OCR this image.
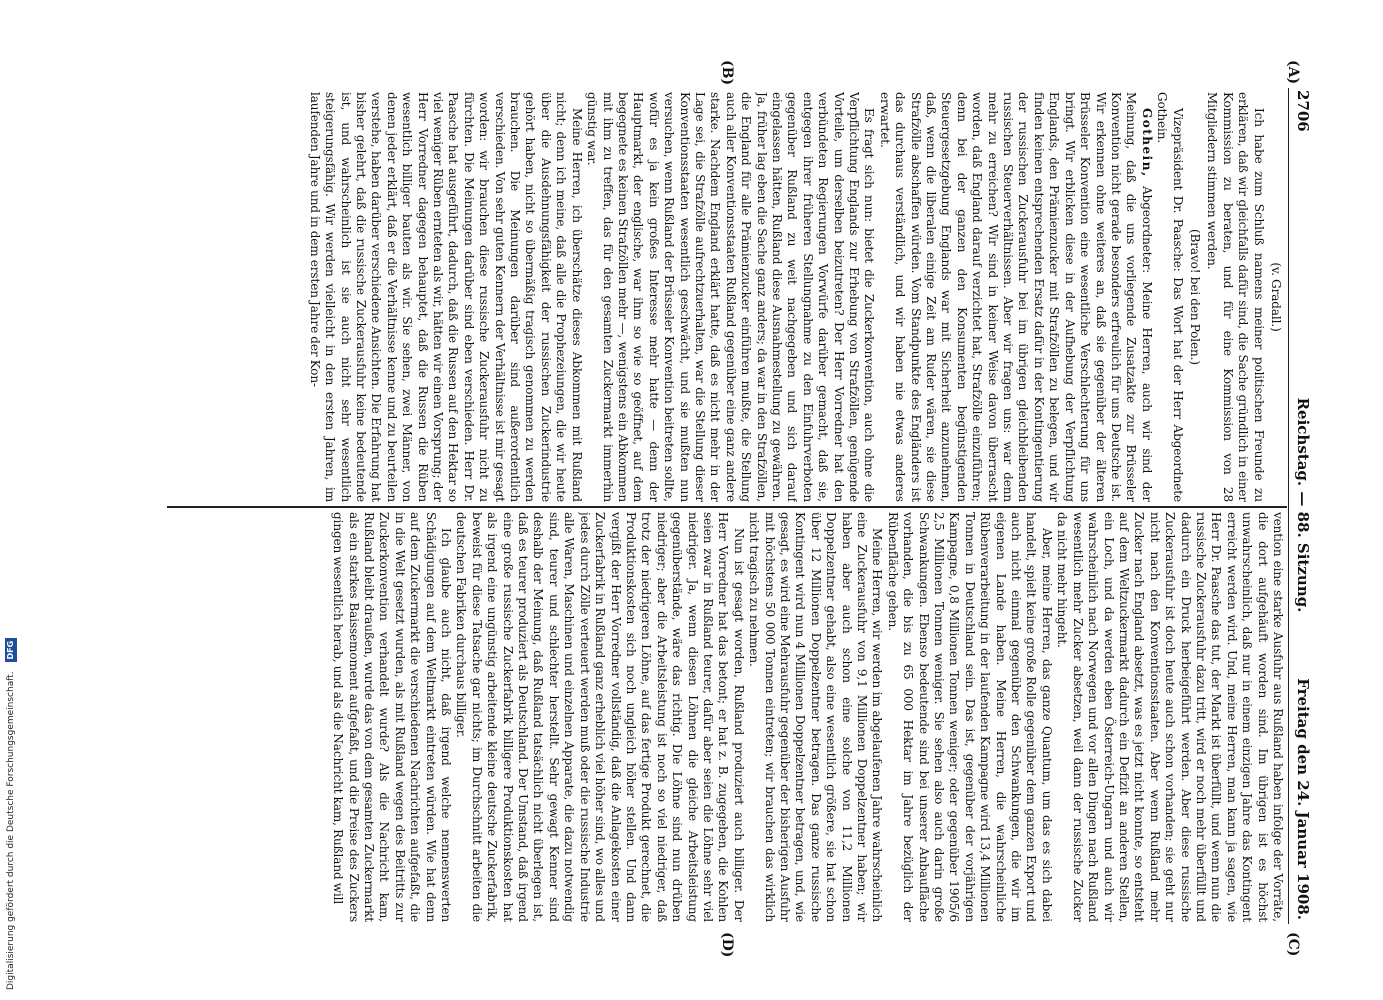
2706
Reichstag. — 88. Sitzung.
Freitag den 24. Januar 1908.
(A)
(B)
(C)
(D)

(v. Gradall.)

Ich habe zum Schluß namens meiner politischen Freunde zu erklären, daß wir gleichfalls dafür sind, die Sache gründlich in einer Kommission zu beraten, und für eine Kommission von 28 Mitgliedern stimmen werden.

(Bravo! bei den Polen.)

Vizepräsident Dr. Paasche: Das Wort hat der Herr Abgeordnete Gothein.

Gothein, Abgeordneter: Meine Herren, auch wir sind der Meinung, daß die uns vorliegende Zusatzakte zur Brüsseler Konvention nicht gerade besonders erfreulich für uns Deutsche ist. Wir erkennen ohne weiteres an, daß sie gegenüber der älteren Brüsseler Konvention eine wesentliche Verschlechterung für uns bringt. Wir erblicken diese in der Aufhebung der Verpflichtung Englands, den Prämienzucker mit Strafzöllen zu belegen, und wir finden keinen entsprechenden Ersatz dafür in der Kontingentierung der russischen Zuckerausfuhr bei im übrigen gleichbleibenden russischen Steuerverhältnissen. Aber wir fragen uns: war denn mehr zu erreichen? Wir sind in keiner Weise davon überrascht worden, daß England darauf verzichtet hat, Strafzölle einzuführen; denn bei der ganzen den Konsumenten begünstigenden Steuergesetzgebung Englands war mit Sicherheit anzunehmen, daß, wenn die liberalen einige Zeit am Ruder wären, sie diese Strafzölle abschaffen würden. Vom Standpunkte des Engländers ist das durchaus verständlich, und wir haben nie etwas anderes erwartet.

Es fragt sich nun: bietet die Zuckerkonvention, auch ohne die Verpflichtung Englands zur Erhebung von Strafzöllen, genügende Vorteile, um derselben beizutreten? Der Herr Vorredner hat den verbündeten Regierungen Vorwürfe darüber gemacht, daß sie, entgegen ihrer früheren Stellungnahme zu den Einfuhrverboten gegenüber Rußland zu weit nachgegeben und sich darauf eingelassen hätten, Rußland diese Ausnahmestellung zu gewähren. Ja, früher lag eben die Sache ganz anders; da war in den Strafzöllen, die England für alle Prämienzucker einführen mußte, die Stellung auch aller Konventionsstaaten Rußland gegenüber eine ganz andere starke. Nachdem England erklärt hatte, daß es nicht mehr in der Lage sei, die Strafzölle aufrechtzuerhalten, war die Stellung dieser Konventionsstaaten wesentlich geschwächt, und sie mußten nun versuchen, wenn Rußland der Brüsseler Konvention beitreten sollte, wofür es ja kein großes Interesse mehr hatte — denn der Hauptmarkt, der englische, war ihm so wie so geöffnet, auf dem begegnete es keinen Strafzöllen mehr —, wenigstens ein Abkommen mit ihm zu treffen, das für den gesamten Zuckermarkt immerhin günstig war.

Meine Herren, ich überschätze dieses Abkommen mit Rußland nicht; denn ich meine, daß alle die Prophezeiungen, die wir heute über die Ausdehnungsfähigkeit der russischen Zuckerindustrie gehört haben, nicht so übermäßig tragisch genommen zu werden brauchen. Die Meinungen darüber sind außerordentlich verschieden. Von sehr guten Kennern der Verhältnisse ist mir gesagt worden: wir brauchen diese russische Zuckerausfuhr nicht zu fürchten. Die Meinungen darüber sind eben verschieden. Herr Dr. Paasche hat ausgeführt, dadurch, daß die Russen auf den Hektar so viel weniger Rüben ernteten als wir, hätten wir einen Vorsprung; der Herr Vorredner dagegen behauptet, daß die Russen die Rüben wesentlich billiger bauten als wir. Sie sehen, zwei Männer, von denen jeder erklärt, daß er die Verhältnisse kenne und zu beurteilen verstehe, haben darüber verschiedene Ansichten. Die Erfahrung hat bisher gelehrt, daß die russische Zuckerausfuhr keine bedeutende ist, und wahrscheinlich ist sie auch nicht sehr wesentlich steigerungsfähig. Wir werden vielleicht in den ersten Jahren, im laufenden Jahre und in dem ersten Jahre der Kon-

vention eine starke Ausfuhr aus Rußland haben infolge der Vorräte, die dort aufgehäuft worden sind. Im übrigen ist es höchst unwahrscheinlich, daß nur in einem einzigen Jahre das Kontingent erreicht werden wird. Und, meine Herren, man kann ja sagen, wie Herr Dr. Paasche das tut, der Markt ist überfüllt, und wenn nun die russische Zuckerausfuhr dazu tritt, wird er noch mehr überfüllt und dadurch ein Druck herbeigeführt werden. Aber diese russische Zuckerausfuhr ist doch heute auch schon vorhanden; sie geht nur nicht nach den Konventionsstaaten. Aber wenn Rußland mehr Zucker nach England absetzt, was es jetzt nicht konnte, so entsteht auf dem Weltzuckermarkt dadurch ein Defizit an anderen Stellen, ein Loch, und da werden eben Österreich-Ungarn und auch wir wahrscheinlich nach Norwegen und vor allen Dingen nach Rußland wesentlich mehr Zucker absetzen, weil dann der russische Zucker da nicht mehr hingeht.

Aber, meine Herren, das ganze Quantum, um das es sich dabei handelt, spielt keine große Rolle gegenüber dem ganzen Export und auch nicht einmal gegenüber den Schwankungen, die wir im eigenen Lande haben. Meine Herren, die wahrscheinliche Rübenverarbeitung in der laufenden Kampagne wird 13,4 Millionen Tonnen in Deutschland sein. Das ist, gegenüber der vorjährigen Kampagne, 0,8 Millionen Tonnen weniger; oder gegenüber 1905/6 2,5 Millionen Tonnen weniger. Sie sehen also auch darin große Schwankungen. Ebenso bedeutende sind bei unserer Anbaufläche vorhanden, die bis zu 65 000 Hektar im Jahre bezüglich der Rübenfläche gehen.

Meine Herren, wir werden im abgelaufenen Jahre wahrscheinlich eine Zuckerausfuhr von 9,1 Millionen Doppelzentner haben; wir haben aber auch schon eine solche von 11,2 Millionen Doppelzentner gehabt, also eine wesentlich größere, sie hat schon über 12 Millionen Doppelzentner betragen. Das ganze russische Kontingent wird nun 4 Millionen Doppelzentner betragen, und, wie gesagt, es wird eine Mehrausfuhr gegenüber der bisherigen Ausfuhr mit höchstens 50 000 Tonnen eintreten; wir brauchen das wirklich nicht tragisch zu nehmen.

Nun ist gesagt worden, Rußland produziert auch billiger. Der Herr Vorredner hat das betont; er hat z. B. zugegeben, die Kohlen seien zwar in Rußland teurer, dafür aber seien die Löhne sehr viel niedriger. Ja, wenn diesen Löhnen die gleiche Arbeitsleistung gegenüberstände, wäre das richtig. Die Löhne sind nun drüben niedriger; aber die Arbeitsleistung ist noch so viel niedriger, daß trotz der niedrigeren Löhne, auf das fertige Produkt gerechnet, die Produktionskosten sich noch ungleich höher stellen. Und dann vergißt der Herr Vorredner vollständig, daß die Anlagekosten einer Zuckerfabrik in Rußland ganz erheblich viel höher sind, wo alles und jedes durch Zölle verteuert werden muß oder die russische Industrie alle Waren, Maschinen und einzelnen Apparate, die dazu notwendig sind, teurer und schlechter herstellt. Sehr gewagt Kenner sind deshalb der Meinung, daß Rußland tatsächlich nicht überlegen ist, daß es teurer produziert als Deutschland. Der Umstand, daß irgend eine große russische Zuckerfabrik billigere Produktionskosten hat als irgend eine ungünstig arbeitende kleine deutsche Zuckerfabrik, beweist für diese Tatsache gar nichts; im Durchschnitt arbeiten die deutschen Fabriken durchaus billiger.

Ich glaube auch nicht, daß irgend welche nennenswerten Schädigungen auf dem Weltmarkt eintreten würden. Wie hat denn auf dem Zuckermarkt die verschiedenen Nachrichten aufgefaßt, die in die Welt gesetzt wurden, als mit Rußland wegen des Beitritts zur Zuckerkonvention verhandelt wurde? Als die Nachricht kam, Rußland bleibt draußen, wurde das von dem gesamten Zuckermarkt als ein starkes Baissemoment aufgefaßt, und die Preise des Zuckers gingen wesentlich herab, und als die Nachricht kam, Rußland will

Digitalisierung gefördert durch die Deutsche Forschungsgemeinschaft. DFG
